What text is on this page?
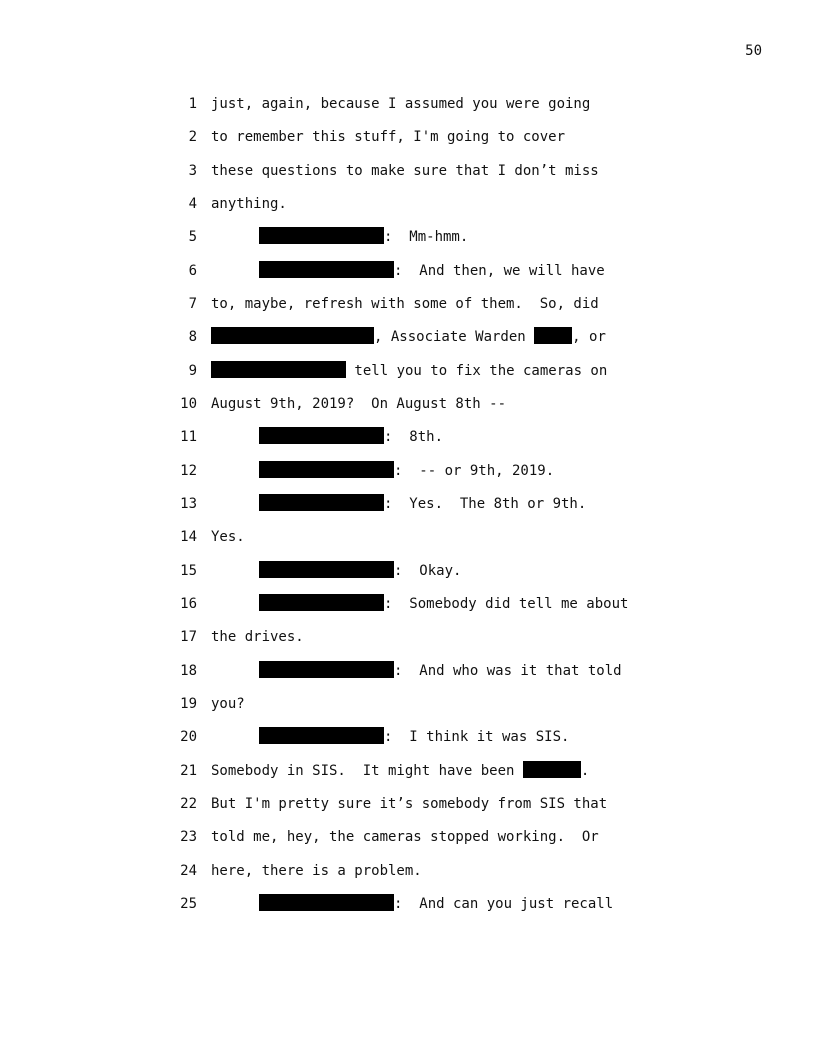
50
1 just, again, because I assumed you were going
2 to remember this stuff, I'm going to cover
3 these questions to make sure that I don’t miss
4 anything.
5	:  Mm-hmm.
6	:  And then, we will have
7 to, maybe, refresh with some of them.  So, did
8	, Associate Warden	, or
9	tell you to fix the cameras on
10 August 9th, 2019?  On August 8th --
11	:  8th.
12	:  -- or 9th, 2019.
13	:  Yes.  The 8th or 9th.
14 Yes.
15	:  Okay.
16	:  Somebody did tell me about
17 the drives.
18	:  And who was it that told
19 you?
20	:  I think it was SIS.
21 Somebody in SIS.  It might have been	.
22 But I'm pretty sure it’s somebody from SIS that
23 told me, hey, the cameras stopped working.  Or
24 here, there is a problem.
25	:  And can you just recall
